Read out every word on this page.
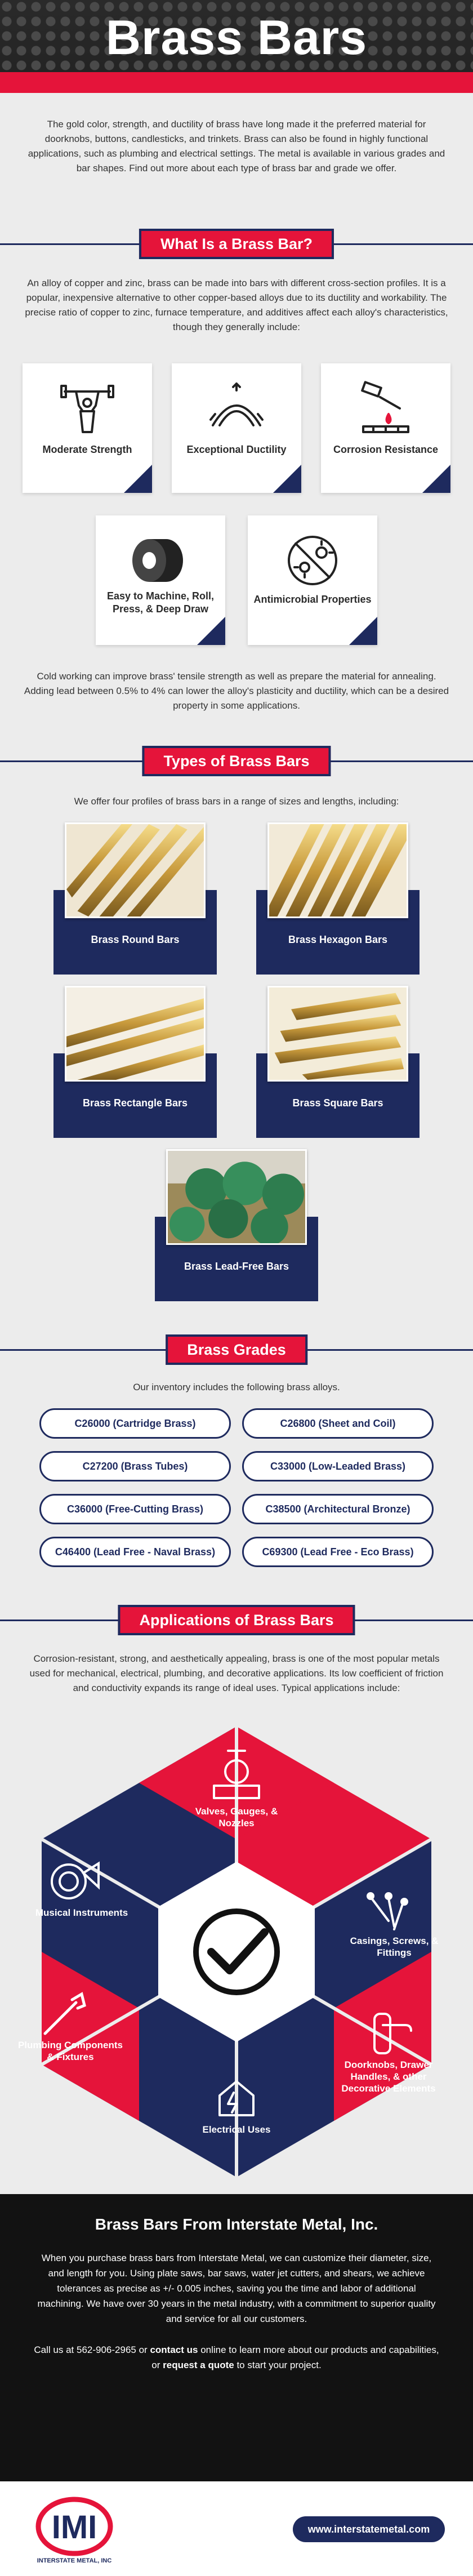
Brass Bars

The gold color, strength, and ductility of brass have long made it the preferred material for doorknobs, buttons, candlesticks, and trinkets. Brass can also be found in highly functional applications, such as plumbing and electrical settings. The metal is available in various grades and bar shapes. Find out more about each type of brass bar and grade we offer.

What Is a Brass Bar?

An alloy of copper and zinc, brass can be made into bars with different cross-section profiles. It is a popular, inexpensive alternative to other copper-based alloys due to its ductility and workability. The precise ratio of copper to zinc, furnace temperature, and additives affect each alloy's characteristics, though they generally include:

Moderate Strength	Exceptional Ductility	Corrosion Resistance
Easy to Machine, Roll, Press, & Deep Draw
Antimicrobial Properties

Cold working can improve brass' tensile strength as well as prepare the material for annealing. Adding lead between 0.5% to 4% can lower the alloy's plasticity and ductility, which can be a desired property in some applications.

Types of Brass Bars

We offer four profiles of brass bars in a range of sizes and lengths, including:

Brass Round Bars	Brass Hexagon Bars
Brass Rectangle Bars	Brass Square Bars
Brass Lead-Free Bars
Brass Grades

Our inventory includes the following brass alloys.

C26000 (Cartridge Brass)	C26800 (Sheet and Coil)
C27200 (Brass Tubes)	C33000 (Low-Leaded Brass)
C36000 (Free-Cutting Brass)	C38500 (Architectural Bronze)
C46400 (Lead Free - Naval Brass)	C69300 (Lead Free - Eco Brass)
Applications of Brass Bars

Corrosion-resistant, strong, and aesthetically appealing, brass is one of the most popular metals used for mechanical, electrical, plumbing, and decorative applications. Its low coefficient of friction and conductivity expands its range of ideal uses. Typical applications include:

Valves, Gauges, & Nozzles
Casings, Screws, & Fittings
Doorknobs, Drawer Handles, & other Decorative Elements
Electrical Uses
Plumbing Components & Fixtures
Musical Instruments
Brass Bars From Interstate Metal, Inc.

When you purchase brass bars from Interstate Metal, we can customize their diameter, size, and length for you. Using plate saws, bar saws, water jet cutters, and shears, we achieve tolerances as precise as +/- 0.005 inches, saving you the time and labor of additional machining. We have over 30 years in the metal industry, with a commitment to superior quality and service for all our customers.

Call us at 562-906-2965 or contact us online to learn more about our products and capabilities, or request a quote to start your project.

IMI
INTERSTATE METAL, INC
www.interstatemetal.com
